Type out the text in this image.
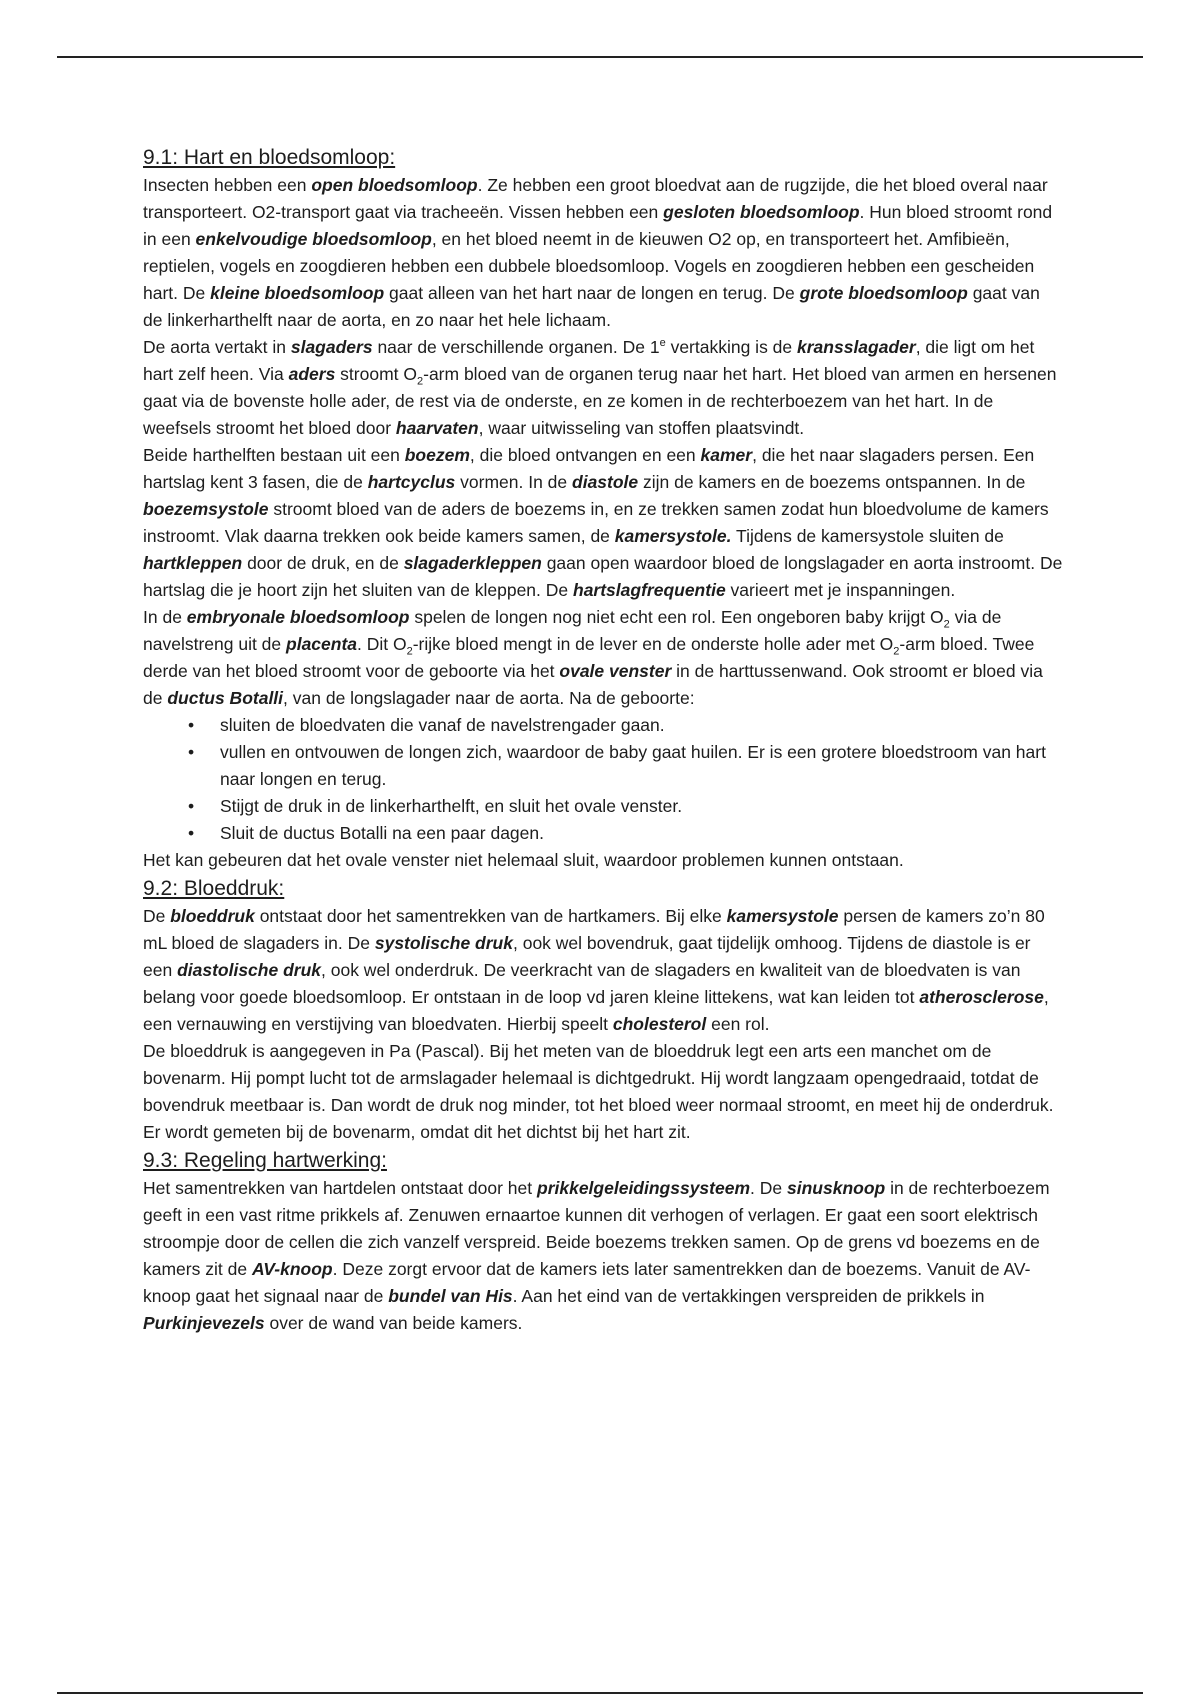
9.1: Hart en bloedsomloop:

Insecten hebben een open bloedsomloop. Ze hebben een groot bloedvat aan de rugzijde, die het bloed overal naar transporteert. O2-transport gaat via tracheeën. Vissen hebben een gesloten bloedsomloop. Hun bloed stroomt rond in een enkelvoudige bloedsomloop, en het bloed neemt in de kieuwen O2 op, en transporteert het. Amfibieën, reptielen, vogels en zoogdieren hebben een dubbele bloedsomloop. Vogels en zoogdieren hebben een gescheiden hart. De kleine bloedsomloop gaat alleen van het hart naar de longen en terug. De grote bloedsomloop gaat van de linkerharthelft naar de aorta, en zo naar het hele lichaam.

De aorta vertakt in slagaders naar de verschillende organen. De 1e vertakking is de kransslagader, die ligt om het hart zelf heen. Via aders stroomt $O_2$-arm bloed van de organen terug naar het hart. Het bloed van armen en hersenen gaat via de bovenste holle ader, de rest via de onderste, en ze komen in de rechterboezem van het hart. In de weefsels stroomt het bloed door haarvaten, waar uitwisseling van stoffen plaatsvindt.

Beide harthelften bestaan uit een boezem, die bloed ontvangen en een kamer, die het naar slagaders persen. Een hartslag kent 3 fasen, die de hartcyclus vormen. In de diastole zijn de kamers en de boezems ontspannen. In de boezemsystole stroomt bloed van de aders de boezems in, en ze trekken samen zodat hun bloedvolume de kamers instroomt. Vlak daarna trekken ook beide kamers samen, de kamersystole. Tijdens de kamersystole sluiten de hartkleppen door de druk, en de slagaderkleppen gaan open waardoor bloed de longslagader en aorta instroomt. De hartslag die je hoort zijn het sluiten van de kleppen. De hartslagfrequentie varieert met je inspanningen.

In de embryonale bloedsomloop spelen de longen nog niet echt een rol. Een ongeboren baby krijgt $O_2$ via de navelstreng uit de placenta. Dit $O_2$-rijke bloed mengt in de lever en de onderste holle ader met $O_2$-arm bloed. Twee derde van het bloed stroomt voor de geboorte via het ovale venster in de harttussenwand. Ook stroomt er bloed via de ductus Botalli, van de longslagader naar de aorta. Na de geboorte:

• sluiten de bloedvaten die vanaf de navelstrengader gaan.
• vullen en ontvouwen de longen zich, waardoor de baby gaat huilen. Er is een grotere bloedstroom van hart naar longen en terug.
• Stijgt de druk in de linkerharthelft, en sluit het ovale venster.
• Sluit de ductus Botalli na een paar dagen.

Het kan gebeuren dat het ovale venster niet helemaal sluit, waardoor problemen kunnen ontstaan.

9.2: Bloeddruk:

De bloeddruk ontstaat door het samentrekken van de hartkamers. Bij elke kamersystole persen de kamers zo’n 80 mL bloed de slagaders in. De systolische druk, ook wel bovendruk, gaat tijdelijk omhoog. Tijdens de diastole is er een diastolische druk, ook wel onderdruk. De veerkracht van de slagaders en kwaliteit van de bloedvaten is van belang voor goede bloedsomloop. Er ontstaan in de loop vd jaren kleine littekens, wat kan leiden tot atherosclerose, een vernauwing en verstijving van bloedvaten. Hierbij speelt cholesterol een rol.

De bloeddruk is aangegeven in Pa (Pascal). Bij het meten van de bloeddruk legt een arts een manchet om de bovenarm. Hij pompt lucht tot de armslagader helemaal is dichtgedrukt. Hij wordt langzaam opengedraaid, totdat de bovendruk meetbaar is. Dan wordt de druk nog minder, tot het bloed weer normaal stroomt, en meet hij de onderdruk. Er wordt gemeten bij de bovenarm, omdat dit het dichtst bij het hart zit.

9.3: Regeling hartwerking:

Het samentrekken van hartdelen ontstaat door het prikkelgeleidingssysteem. De sinusknoop in de rechterboezem geeft in een vast ritme prikkels af. Zenuwen ernaartoe kunnen dit verhogen of verlagen. Er gaat een soort elektrisch stroompje door de cellen die zich vanzelf verspreid. Beide boezems trekken samen. Op de grens vd boezems en de kamers zit de AV-knoop. Deze zorgt ervoor dat de kamers iets later samentrekken dan de boezems. Vanuit de AV-knoop gaat het signaal naar de bundel van His. Aan het eind van de vertakkingen verspreiden de prikkels in Purkinjevezels over de wand van beide kamers.
